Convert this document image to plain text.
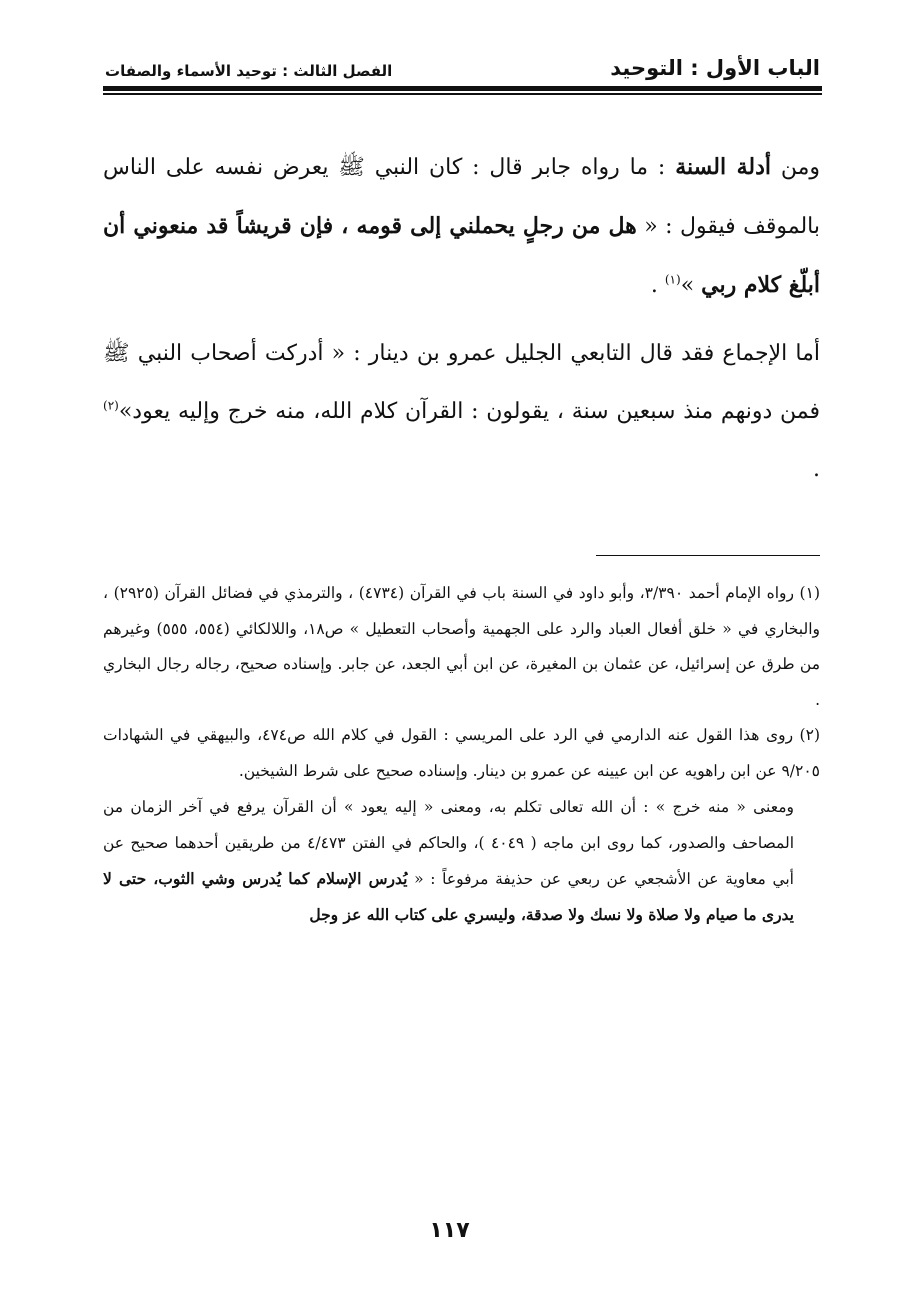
الباب الأول : التوحيد
الفصل الثالث : توحيد الأسماء والصفات

ومن أدلة السنة : ما رواه جابر قال : كان النبي ﷺ يعرض نفسه على الناس بالموقف فيقول : « هل من رجلٍ يحملني إلى قومه ، فإن قريشاً قد منعوني أن أبلّغ كلام ربي »$^{(١)}$ .

أما الإجماع فقد قال التابعي الجليل عمرو بن دينار : « أدركت أصحاب النبي ﷺ فمن دونهم منذ سبعين سنة ، يقولون : القرآن كلام الله، منه خرج وإليه يعود»$^{(٢)}$ .

(١) رواه الإمام أحمد ٣/٣٩٠، وأبو داود في السنة باب في القرآن (٤٧٣٤) ، والترمذي في فضائل القرآن (٢٩٢٥) ، والبخاري في « خلق أفعال العباد والرد على الجهمية وأصحاب التعطيل » ص١٨، واللالكائي (٥٥٤، ٥٥٥) وغيرهم من طرق عن إسرائيل، عن عثمان بن المغيرة، عن ابن أبي الجعد، عن جابر. وإسناده صحيح، رجاله رجال البخاري .

(٢) روى هذا القول عنه الدارمي في الرد على المريسي : القول في كلام الله ص٤٧٤، والبيهقي في الشهادات ٩/٢٠٥ عن ابن راهويه عن ابن عيينه عن عمرو بن دينار. وإسناده صحيح على شرط الشيخين.

ومعنى « منه خرج » : أن الله تعالى تكلم به، ومعنى « إليه يعود » أن القرآن يرفع في آخر الزمان من المصاحف والصدور، كما روى ابن ماجه ( ٤٠٤٩ )، والحاكم في الفتن ٤/٤٧٣ من طريقين أحدهما صحيح عن أبي معاوية عن الأشجعي عن ربعي عن حذيفة مرفوعاً : « يُدرس الإسلام كما يُدرس وشي الثوب، حتى لا يدرى ما صيام ولا صلاة ولا نسك ولا صدقة، وليسري على كتاب الله عز وجل

١١٧
